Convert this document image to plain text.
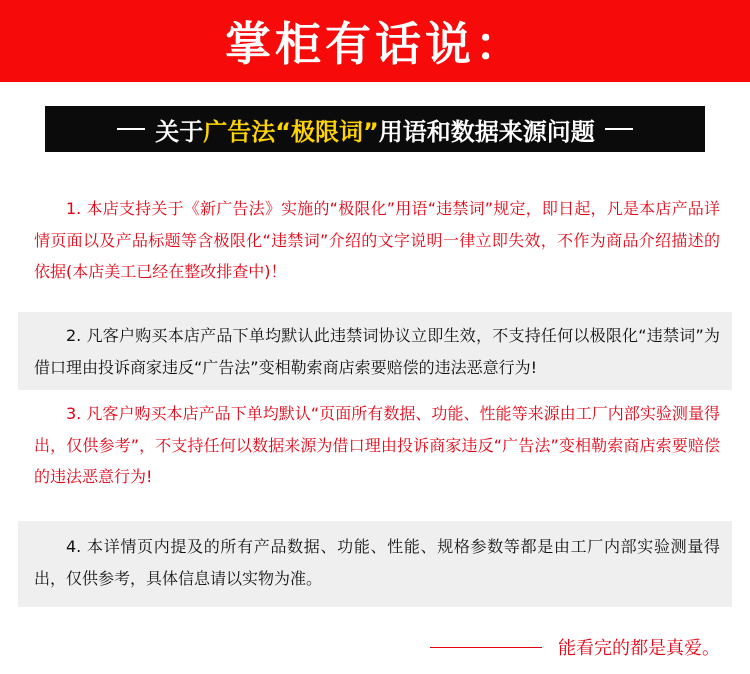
掌柜有话说：
关于 广告法“极限词” 用语和数据来源问题
1. 本店支持关于《新广告法》实施的“极限化”用语“违禁词”规定，即日起，凡是本店产品详情页面以及产品标题等含极限化“违禁词”介绍的文字说明一律立即失效，不作为商品介绍描述的依据(本店美工已经在整改排查中)！
2. 凡客户购买本店产品下单均默认此违禁词协议立即生效，不支持任何以极限化“违禁词”为借口理由投诉商家违反“广告法”变相勒索商店索要赔偿的违法恶意行为!
3. 凡客户购买本店产品下单均默认“页面所有数据、功能、性能等来源由工厂内部实验测量得出，仅供参考”，不支持任何以数据来源为借口理由投诉商家违反“广告法”变相勒索商店索要赔偿的违法恶意行为!
4. 本详情页内提及的所有产品数据、功能、性能、规格参数等都是由工厂内部实验测量得出，仅供参考，具体信息请以实物为准。
能看完的都是真爱。
